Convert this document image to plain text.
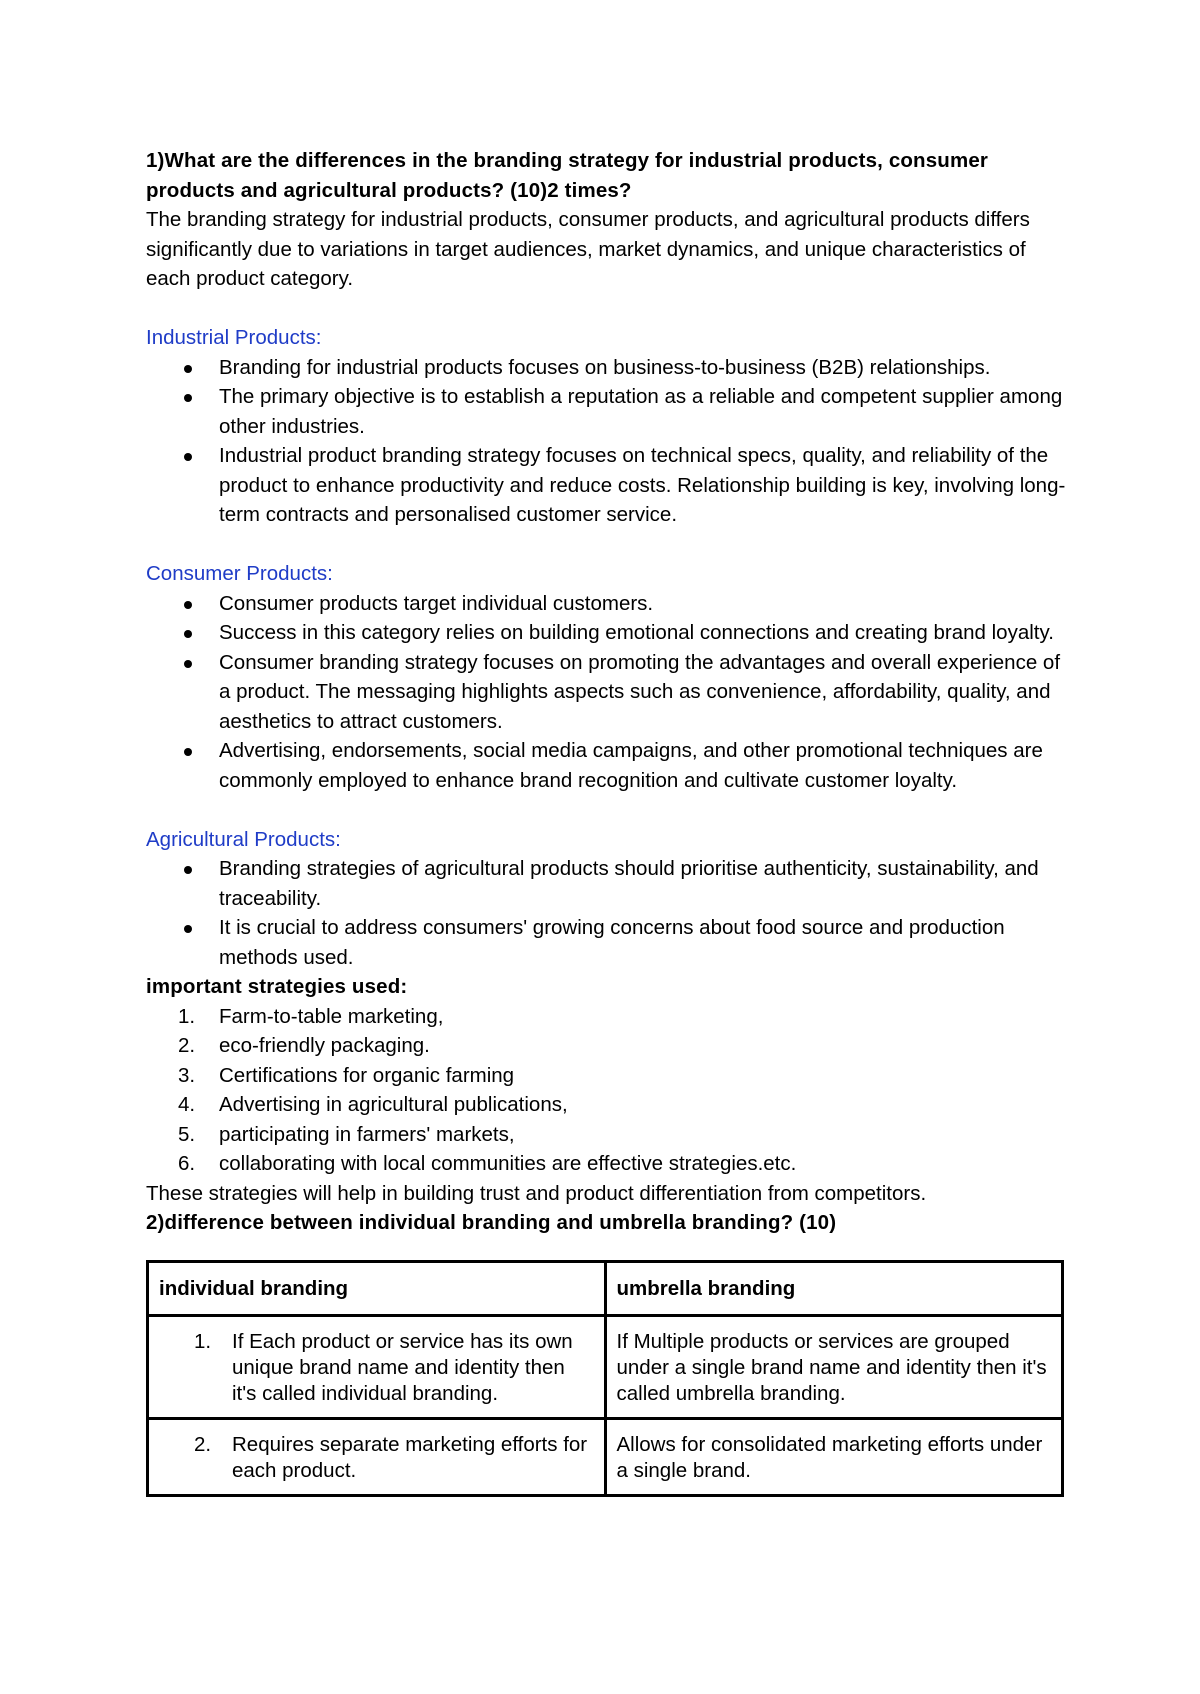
1)What are the differences in the branding strategy for industrial products, consumer
products and agricultural products? (10)2 times?

The branding strategy for industrial products, consumer products, and agricultural products differs significantly due to variations in target audiences, market dynamics, and unique characteristics of each product category.

Industrial Products:

Branding for industrial products focuses on business-to-business (B2B) relationships.
The primary objective is to establish a reputation as a reliable and competent supplier among other industries.
Industrial product branding strategy focuses on technical specs, quality, and reliability of the product to enhance productivity and reduce costs. Relationship building is key, involving long-term contracts and personalised customer service.

Consumer Products:

Consumer products target individual customers.
Success in this category relies on building emotional connections and creating brand loyalty.
Consumer branding strategy focuses on promoting the advantages and overall experience of a product. The messaging highlights aspects such as convenience, affordability, quality, and aesthetics to attract customers.
Advertising, endorsements, social media campaigns, and other promotional techniques are commonly employed to enhance brand recognition and cultivate customer loyalty.

Agricultural Products:

Branding strategies of agricultural products should prioritise authenticity, sustainability, and traceability.
It is crucial to address consumers' growing concerns about food source and production methods used.

important strategies used:

1.	Farm-to-table marketing,
2.	eco-friendly packaging.
3.	Certifications for organic farming
4.	Advertising in agricultural publications,
5.	participating in farmers' markets,
6.	collaborating with local communities are effective strategies.etc.

These strategies will help in building trust and product differentiation from competitors.

2)difference between individual branding and umbrella branding? (10)

individual branding	umbrella branding

1. If Each product or service has its own unique brand name and identity then it's called individual branding.	If Multiple products or services are grouped under a single brand name and identity then it's called umbrella branding.

2. Requires separate marketing efforts for each product.	Allows for consolidated marketing efforts under a single brand.
